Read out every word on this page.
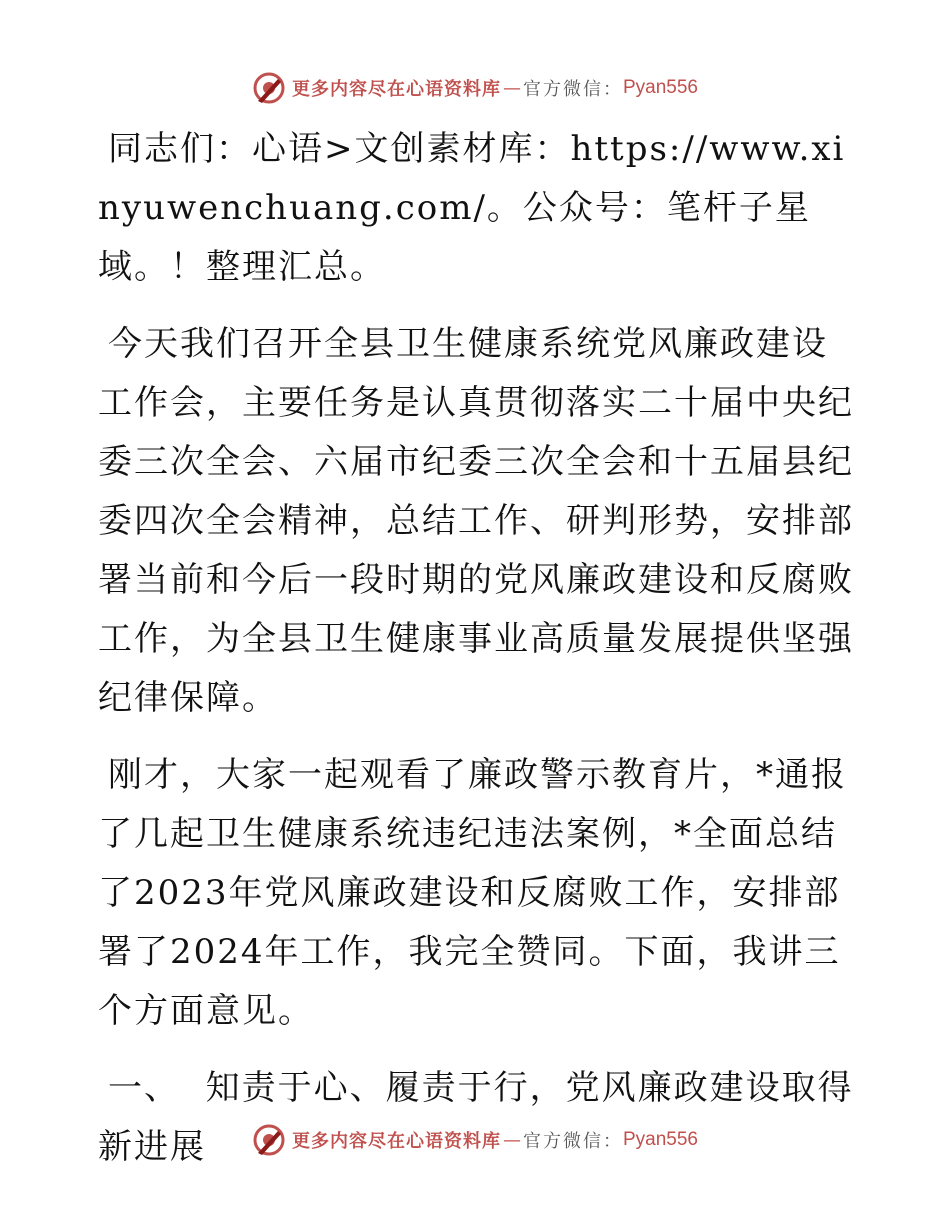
更多内容尽在心语资料库 — 官方微信： Pyan556

同志们：心语>文创素材库：https://www.xinyuwenchuang.com/。公众号：笔杆子星域。！整理汇总。

今天我们召开全县卫生健康系统党风廉政建设工作会，主要任务是认真贯彻落实二十届中央纪委三次全会、六届市纪委三次全会和十五届县纪委四次全会精神，总结工作、研判形势，安排部署当前和今后一段时期的党风廉政建设和反腐败工作，为全县卫生健康事业高质量发展提供坚强纪律保障。

刚才，大家一起观看了廉政警示教育片，*通报了几起卫生健康系统违纪违法案例，*全面总结了2023年党风廉政建设和反腐败工作，安排部署了2024年工作，我完全赞同。下面，我讲三个方面意见。

一、 知责于心、履责于行，党风廉政建设取得新进展	更多内容尽在心语资料库 — 官方微信： Pyan556
